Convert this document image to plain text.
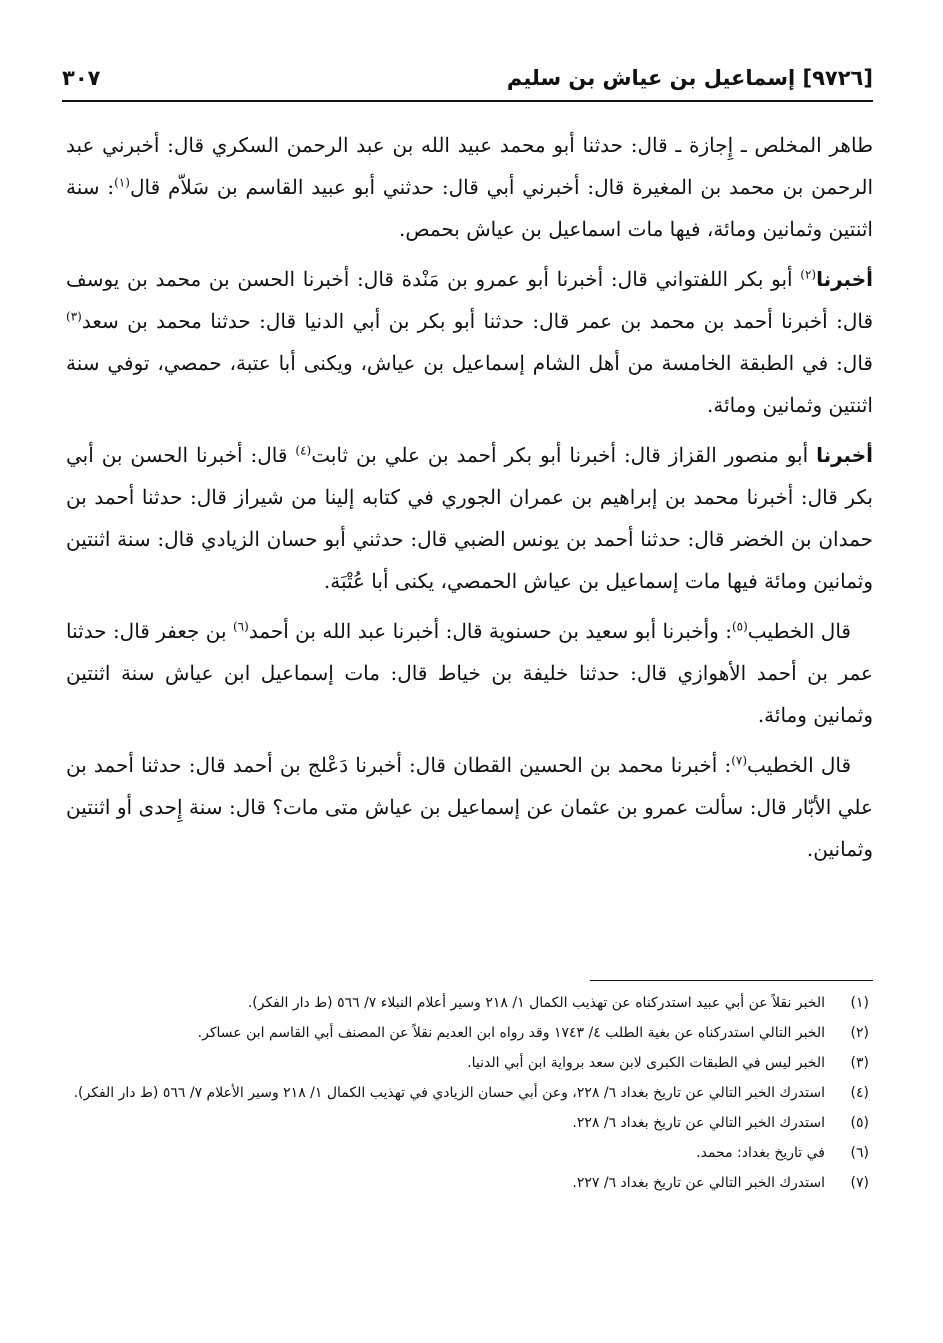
[٩٧٢٦] إسماعيل بن عياش بن سليم
٣٠٧

طاهر المخلص ـ إِجازة ـ قال: حدثنا أبو محمد عبيد الله بن عبد الرحمن السكري قال: أخبرني عبد الرحمن بن محمد بن المغيرة قال: أخبرني أبي قال: حدثني أبو عبيد القاسم بن سَلاّم قال$^{(١)}$: سنة اثنتين وثمانين ومائة، فيها مات اسماعيل بن عياش بحمص.

أخبرنا$^{(٢)}$ أبو بكر اللفتواني قال: أخبرنا أبو عمرو بن مَنْدة قال: أخبرنا الحسن بن محمد بن يوسف قال: أخبرنا أحمد بن محمد بن عمر قال: حدثنا أبو بكر بن أبي الدنيا قال: حدثنا محمد بن سعد$^{(٣)}$ قال: في الطبقة الخامسة من أهل الشام إسماعيل بن عياش، ويكنى أبا عتبة، حمصي، توفي سنة اثنتين وثمانين ومائة.

أخبرنا أبو منصور القزاز قال: أخبرنا أبو بكر أحمد بن علي بن ثابت$^{(٤)}$ قال: أخبرنا الحسن بن أبي بكر قال: أخبرنا محمد بن إبراهيم بن عمران الجوري في كتابه إلينا من شيراز قال: حدثنا أحمد بن حمدان بن الخضر قال: حدثنا أحمد بن يونس الضبي قال: حدثني أبو حسان الزيادي قال: سنة اثنتين وثمانين ومائة فيها مات إسماعيل بن عياش الحمصي، يكنى أبا عُتْبَة.

قال الخطيب$^{(٥)}$: وأخبرنا أبو سعيد بن حسنوية قال: أخبرنا عبد الله بن أحمد$^{(٦)}$ بن جعفر قال: حدثنا عمر بن أحمد الأهوازي قال: حدثنا خليفة بن خياط قال: مات إسماعيل ابن عياش سنة اثنتين وثمانين ومائة.

قال الخطيب$^{(٧)}$: أخبرنا محمد بن الحسين القطان قال: أخبرنا دَعْلج بن أحمد قال: حدثنا أحمد بن علي الأبّار قال: سألت عمرو بن عثمان عن إسماعيل بن عياش متى مات؟ قال: سنة إِحدى أو اثنتين وثمانين.

(١)
الخبر نقلاً عن أبي عبيد استدركناه عن تهذيب الكمال ١/ ٢١٨ وسير أعلام النبلاء ٧/ ٥٦٦ (ط دار الفكر).
(٢)
الخبر التالي استدركناه عن بغية الطلب ٤/ ١٧٤٣ وقد رواه ابن العديم نقلاً عن المصنف أبي القاسم ابن عساكر.
(٣)
الخبر ليس في الطبقات الكبرى لابن سعد برواية ابن أبي الدنيا.
(٤)
استدرك الخبر التالي عن تاريخ بغداد ٦/ ٢٢٨، وعن أبي حسان الزيادي في تهذيب الكمال ١/ ٢١٨ وسير الأعلام ٧/ ٥٦٦ (ط دار الفكر).
(٥)
استدرك الخبر التالي عن تاريخ بغداد ٦/ ٢٢٨.
(٦)
في تاريخ بغداد: محمد.
(٧)
استدرك الخبر التالي عن تاريخ بغداد ٦/ ٢٢٧.
